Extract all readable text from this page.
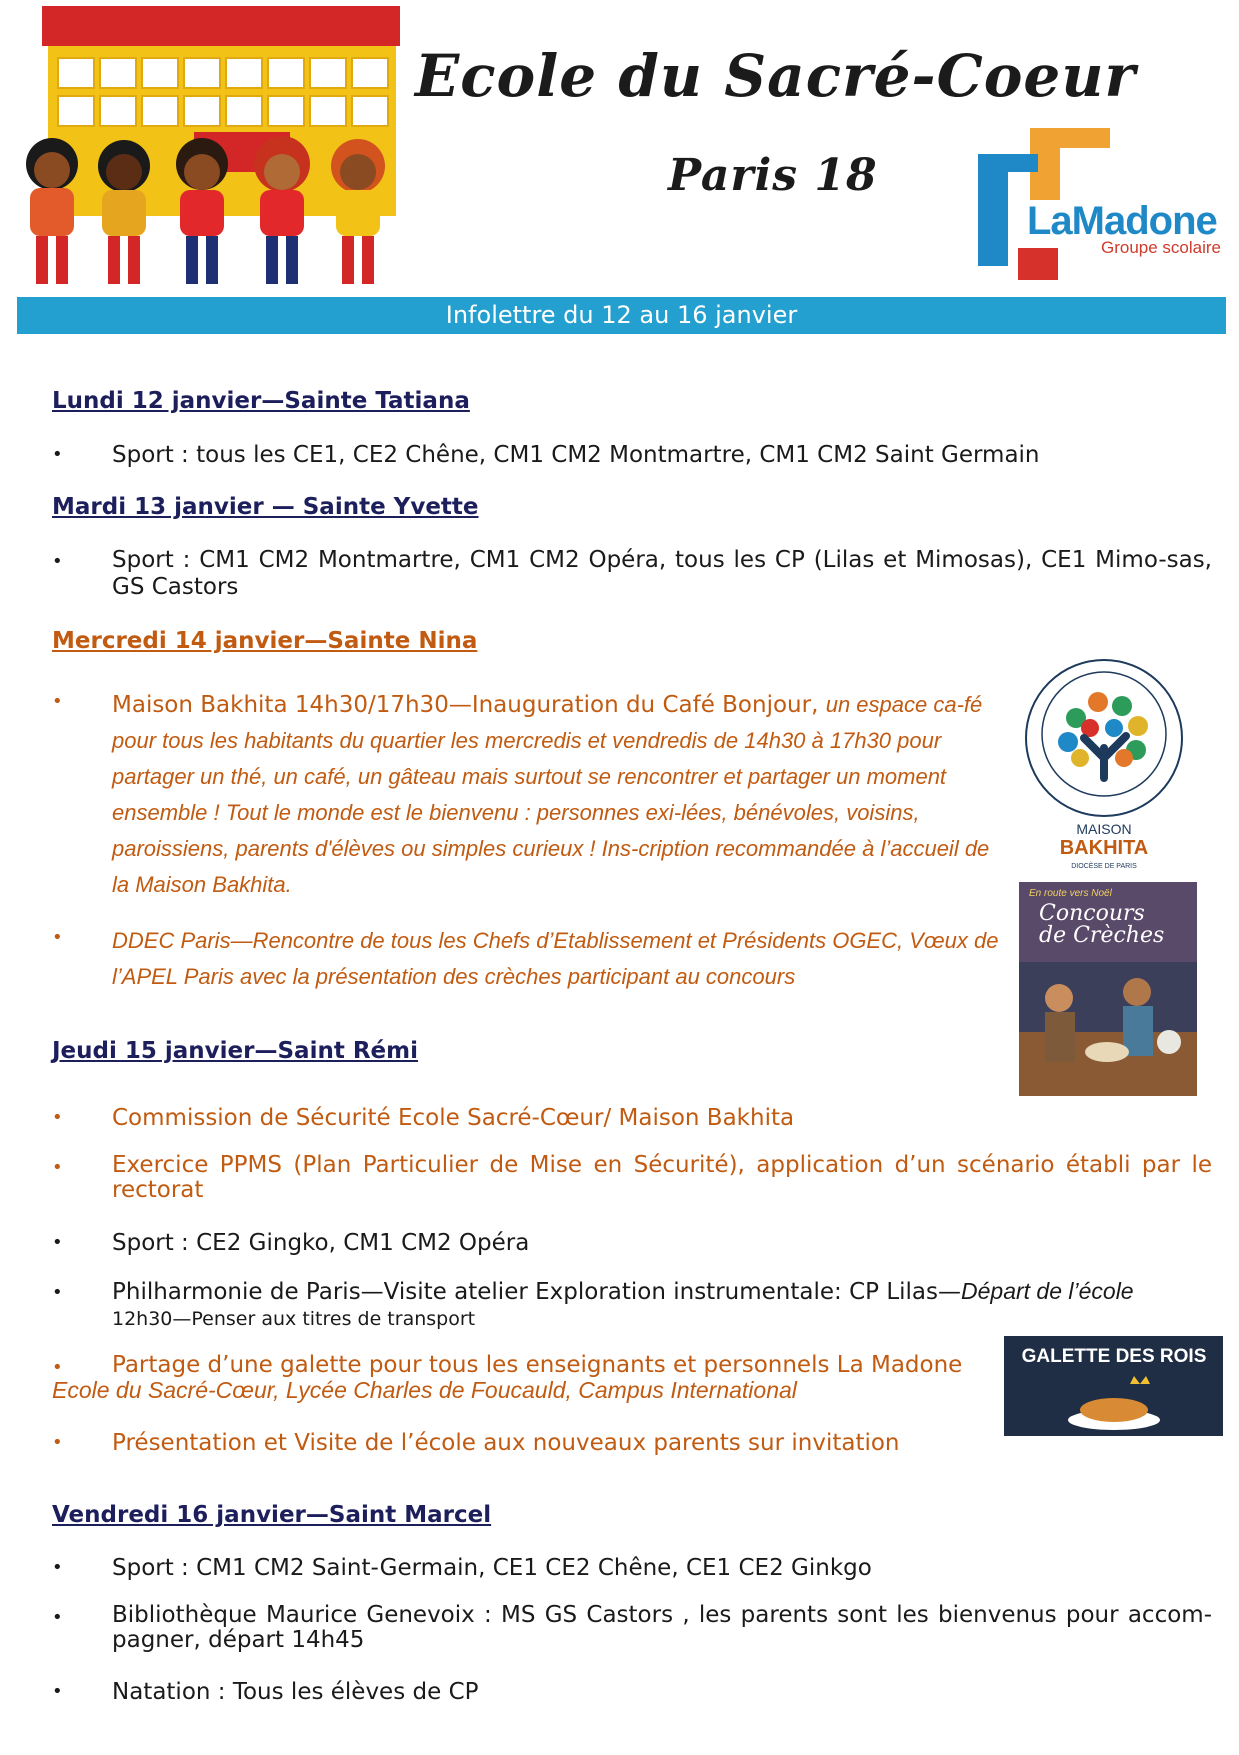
Ecole du Sacré-Coeur
Paris 18
LaMadone
Groupe scolaire
Infolettre du 12 au 16 janvier
Lundi 12 janvier—Sainte Tatiana
• Sport : tous les CE1, CE2 Chêne, CM1 CM2 Montmartre, CM1 CM2 Saint Germain
Mardi 13 janvier — Sainte Yvette
• Sport : CM1 CM2 Montmartre, CM1 CM2 Opéra, tous les CP (Lilas et Mimosas), CE1 Mimo-sas, GS Castors
Mercredi 14 janvier—Sainte Nina
• Maison Bakhita 14h30/17h30—Inauguration du Café Bonjour, un espace ca-fé pour tous les habitants du quartier les mercredis et vendredis de 14h30 à 17h30 pour partager un thé, un café, un gâteau mais surtout se rencontrer et partager un moment ensemble ! Tout le monde est le bienvenu : personnes exi-lées, bénévoles, voisins, paroissiens, parents d'élèves ou simples curieux ! Ins-cription recommandée à l’accueil de la Maison Bakhita.
• DDEC Paris—Rencontre de tous les Chefs d’Etablissement et Présidents OGEC, Vœux de l’APEL Paris avec la présentation des crèches participant au concours
MAISON
BAKHITA
DIOCÈSE DE PARIS
En route vers Noël
Concours
de Crèches
Jeudi 15 janvier—Saint Rémi
• Commission de Sécurité Ecole Sacré-Cœur/ Maison Bakhita
• Exercice PPMS (Plan Particulier de Mise en Sécurité), application d’un scénario établi par le rectorat
• Sport : CE2 Gingko, CM1 CM2 Opéra
• Philharmonie de Paris—Visite atelier Exploration instrumentale: CP Lilas—Départ de l’école
12h30—Penser aux titres de transport
• Partage d’une galette pour tous les enseignants et personnels La Madone
Ecole du Sacré-Cœur, Lycée Charles de Foucauld, Campus International
• Présentation et Visite de l’école aux nouveaux parents sur invitation
GALETTE DES ROIS
Vendredi 16 janvier—Saint Marcel
• Sport : CM1 CM2 Saint-Germain, CE1 CE2 Chêne, CE1 CE2 Ginkgo
• Bibliothèque Maurice Genevoix : MS GS Castors , les parents sont les bienvenus pour accom-pagner, départ 14h45
• Natation : Tous les élèves de CP
